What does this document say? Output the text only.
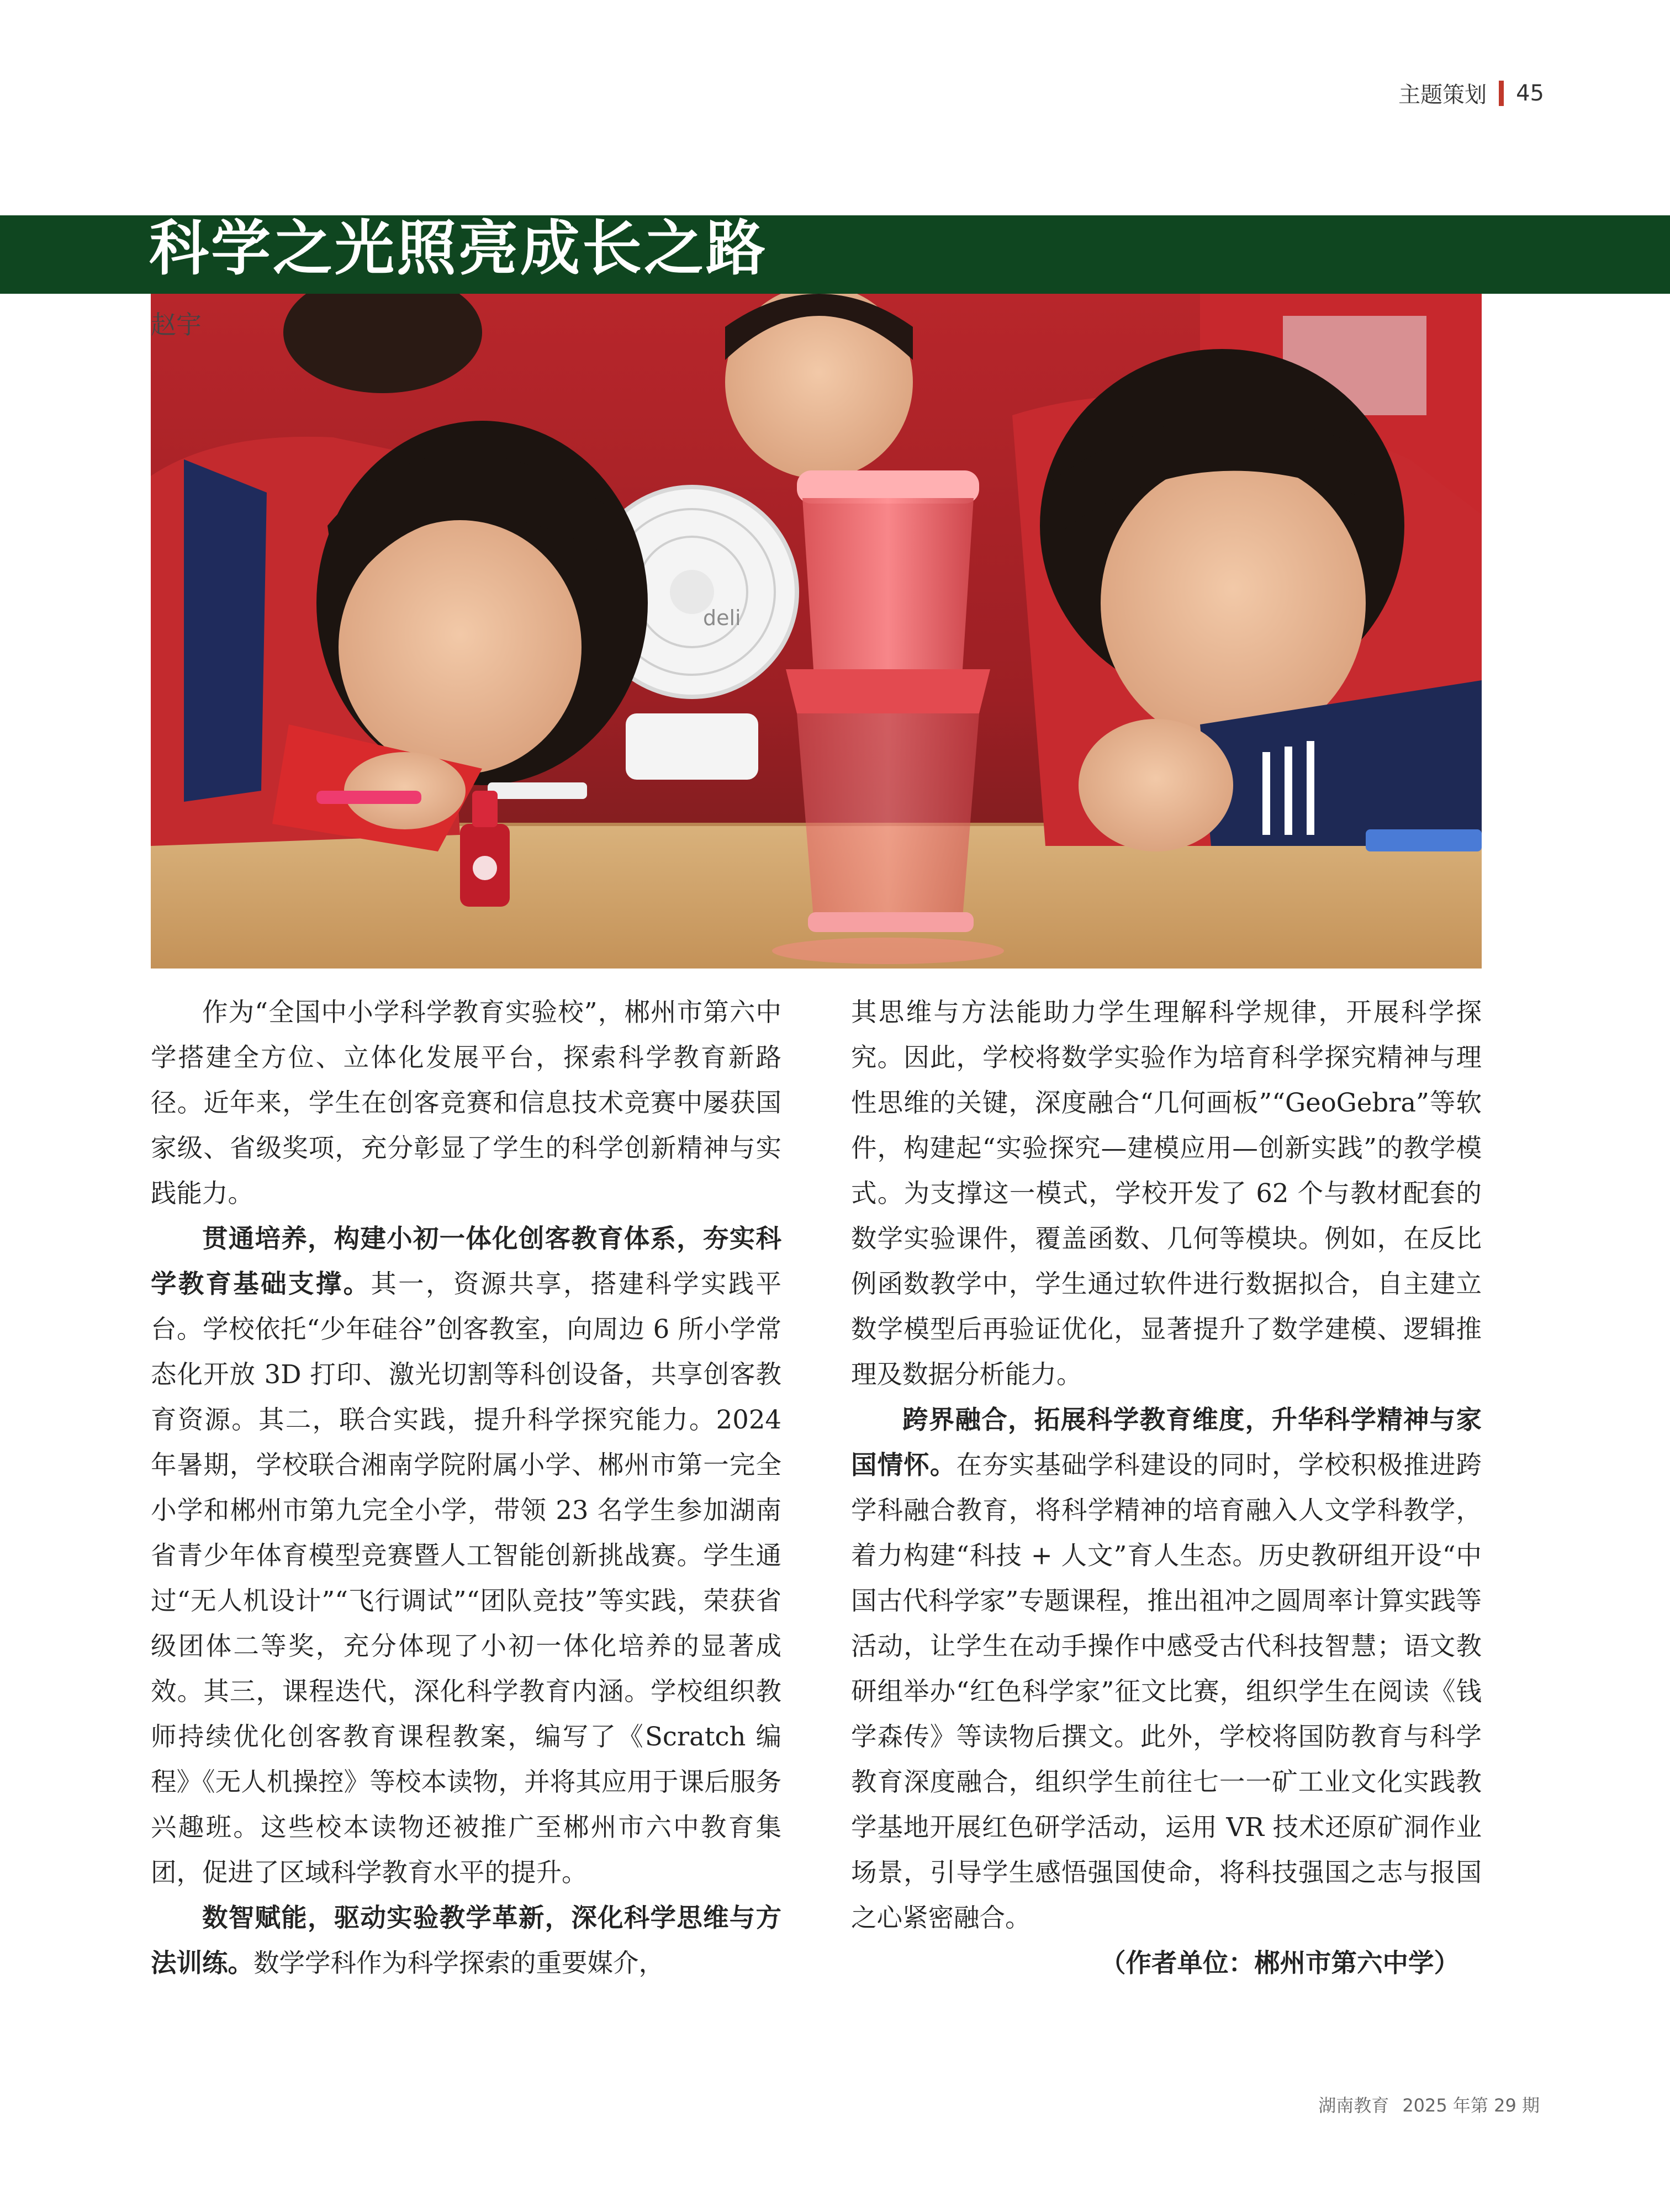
主题策划 45
科学之光照亮成长之路
deli
赵宇

作为“全国中小学科学教育实验校”，郴州市第六中学搭建全方位、立体化发展平台，探索科学教育新路径。近年来，学生在创客竞赛和信息技术竞赛中屡获国家级、省级奖项，充分彰显了学生的科学创新精神与实践能力。

贯通培养，构建小初一体化创客教育体系，夯实科学教育基础支撑。其一，资源共享，搭建科学实践平台。学校依托“少年硅谷”创客教室，向周边 6 所小学常态化开放 3D 打印、激光切割等科创设备，共享创客教育资源。其二，联合实践，提升科学探究能力。2024 年暑期，学校联合湘南学院附属小学、郴州市第一完全小学和郴州市第九完全小学，带领 23 名学生参加湖南省青少年体育模型竞赛暨人工智能创新挑战赛。学生通过“无人机设计”“飞行调试”“团队竞技”等实践，荣获省级团体二等奖，充分体现了小初一体化培养的显著成效。其三，课程迭代，深化科学教育内涵。学校组织教师持续优化创客教育课程教案，编写了《Scratch 编程》《无人机操控》等校本读物，并将其应用于课后服务兴趣班。这些校本读物还被推广至郴州市六中教育集团，促进了区域科学教育水平的提升。

数智赋能，驱动实验教学革新，深化科学思维与方法训练。数学学科作为科学探索的重要媒介，

其思维与方法能助力学生理解科学规律，开展科学探究。因此，学校将数学实验作为培育科学探究精神与理性思维的关键，深度融合“几何画板”“GeoGebra”等软件，构建起“实验探究—建模应用—创新实践”的教学模式。为支撑这一模式，学校开发了 62 个与教材配套的数学实验课件，覆盖函数、几何等模块。例如，在反比例函数教学中，学生通过软件进行数据拟合，自主建立数学模型后再验证优化，显著提升了数学建模、逻辑推理及数据分析能力。

跨界融合，拓展科学教育维度，升华科学精神与家国情怀。在夯实基础学科建设的同时，学校积极推进跨学科融合教育，将科学精神的培育融入人文学科教学，着力构建“科技 + 人文”育人生态。历史教研组开设“中国古代科学家”专题课程，推出祖冲之圆周率计算实践等活动，让学生在动手操作中感受古代科技智慧；语文教研组举办“红色科学家”征文比赛，组织学生在阅读《钱学森传》等读物后撰文。此外，学校将国防教育与科学教育深度融合，组织学生前往七一一矿工业文化实践教学基地开展红色研学活动，运用 VR 技术还原矿洞作业场景，引导学生感悟强国使命，将科技强国之志与报国之心紧密融合。

（作者单位：郴州市第六中学）

湖南教育 2025 年第 29 期
